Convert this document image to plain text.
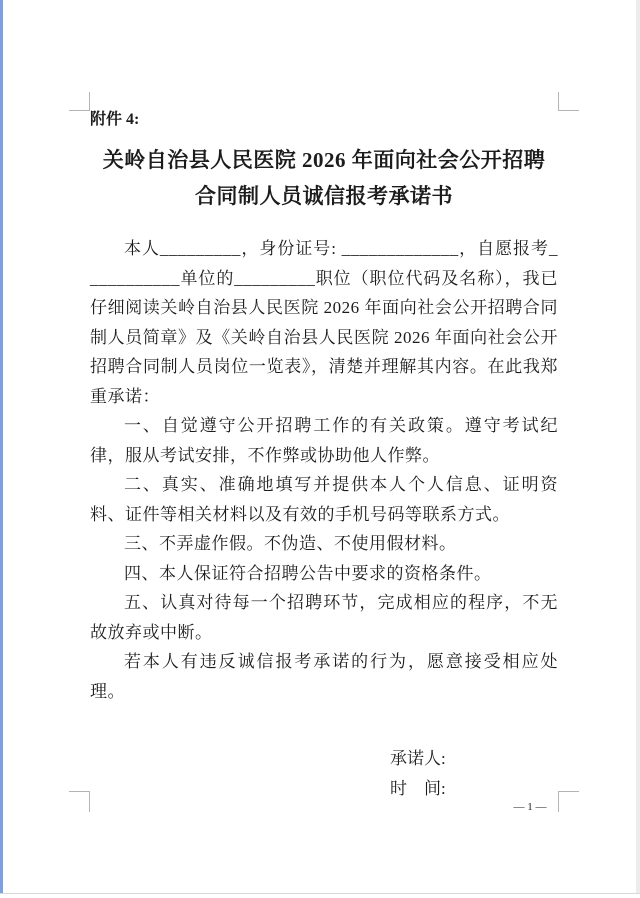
附件 4:
关岭自治县人民医院 2026 年面向社会公开招聘
合同制人员诚信报考承诺书

本人_________，身份证号: _____________，自愿报考___________单位的_________职位（职位代码及名称），我已仔细阅读关岭自治县人民医院 2026 年面向社会公开招聘合同制人员简章》及《关岭自治县人民医院 2026 年面向社会公开招聘合同制人员岗位一览表》，清楚并理解其内容。在此我郑重承诺：

一、自觉遵守公开招聘工作的有关政策。遵守考试纪律，服从考试安排，不作弊或协助他人作弊。

二、真实、准确地填写并提供本人个人信息、证明资料、证件等相关材料以及有效的手机号码等联系方式。

三、不弄虚作假。不伪造、不使用假材料。

四、本人保证符合招聘公告中要求的资格条件。

五、认真对待每一个招聘环节，完成相应的程序，不无故放弃或中断。

若本人有违反诚信报考承诺的行为，愿意接受相应处理。

承诺人:
时　间:
— 1 —
